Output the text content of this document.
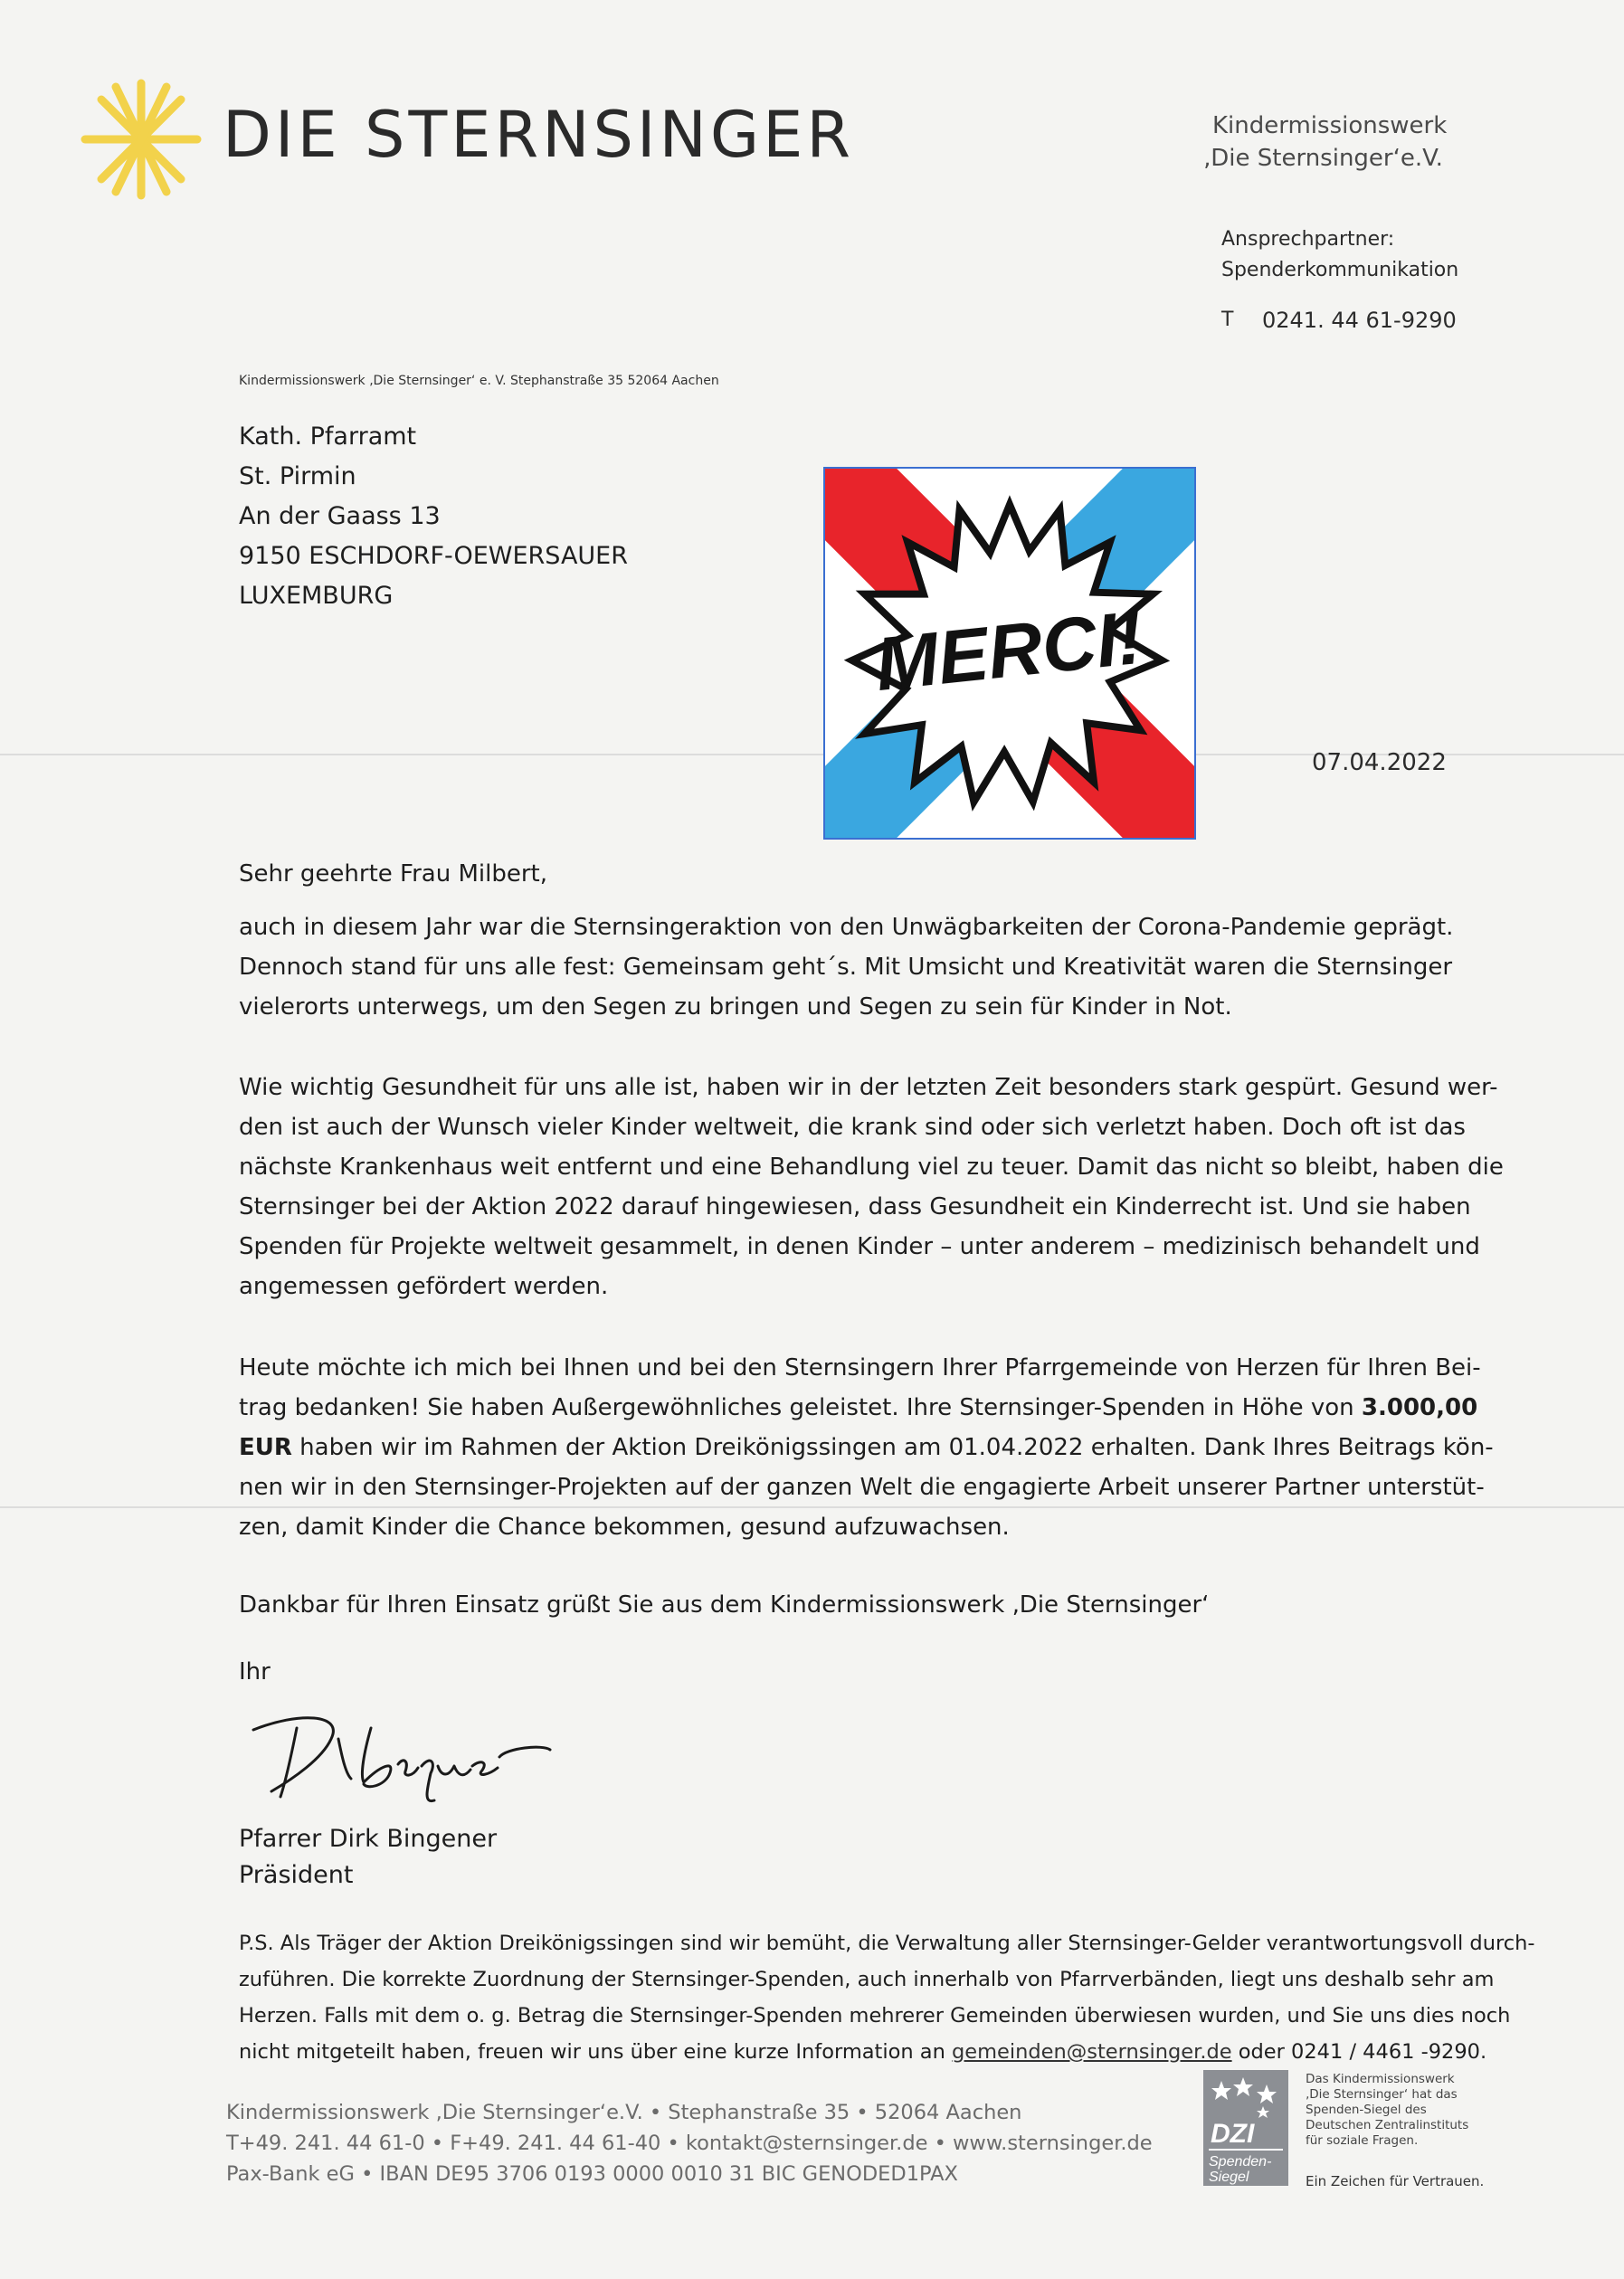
DIE STERNSINGER	Kindermissionswerk
‚Die Sternsinger‘e.V.
Ansprechpartner:
Spenderkommunikation
T 0241. 44 61-9290
Kindermissionswerk ‚Die Sternsinger‘ e. V. Stephanstraße 35 52064 Aachen
Kath. Pfarramt
St. Pirmin
An der Gaass 13
9150 ESCHDORF-OEWERSAUER
LUXEMBURG	MERCI!
07.04.2022
Sehr geehrte Frau Milbert,
auch in diesem Jahr war die Sternsingeraktion von den Unwägbarkeiten der Corona-Pandemie geprägt.
Dennoch stand für uns alle fest: Gemeinsam geht´s. Mit Umsicht und Kreativität waren die Sternsinger
vielerorts unterwegs, um den Segen zu bringen und Segen zu sein für Kinder in Not.
Wie wichtig Gesundheit für uns alle ist, haben wir in der letzten Zeit besonders stark gespürt. Gesund wer-
den ist auch der Wunsch vieler Kinder weltweit, die krank sind oder sich verletzt haben. Doch oft ist das
nächste Krankenhaus weit entfernt und eine Behandlung viel zu teuer. Damit das nicht so bleibt, haben die
Sternsinger bei der Aktion 2022 darauf hingewiesen, dass Gesundheit ein Kinderrecht ist. Und sie haben
Spenden für Projekte weltweit gesammelt, in denen Kinder – unter anderem – medizinisch behandelt und
angemessen gefördert werden.
Heute möchte ich mich bei Ihnen und bei den Sternsingern Ihrer Pfarrgemeinde von Herzen für Ihren Bei-
trag bedanken! Sie haben Außergewöhnliches geleistet. Ihre Sternsinger-Spenden in Höhe von 3.000,00
EUR haben wir im Rahmen der Aktion Dreikönigssingen am 01.04.2022 erhalten. Dank Ihres Beitrags kön-
nen wir in den Sternsinger-Projekten auf der ganzen Welt die engagierte Arbeit unserer Partner unterstüt-
zen, damit Kinder die Chance bekommen, gesund aufzuwachsen.
Dankbar für Ihren Einsatz grüßt Sie aus dem Kindermissionswerk ‚Die Sternsinger‘
Ihr
Pfarrer Dirk Bingener
Präsident
P.S. Als Träger der Aktion Dreikönigssingen sind wir bemüht, die Verwaltung aller Sternsinger-Gelder verantwortungsvoll durch-
zuführen. Die korrekte Zuordnung der Sternsinger-Spenden, auch innerhalb von Pfarrverbänden, liegt uns deshalb sehr am
Herzen. Falls mit dem o. g. Betrag die Sternsinger-Spenden mehrerer Gemeinden überwiesen wurden, und Sie uns dies noch
nicht mitgeteilt haben, freuen wir uns über eine kurze Information an gemeinden@sternsinger.de oder 0241 / 4461 -9290.
Kindermissionswerk ‚Die Sternsinger‘e.V. • Stephanstraße 35 • 52064 Aachen
T+49. 241. 44 61-0 • F+49. 241. 44 61-40 • kontakt@sternsinger.de • www.sternsinger.de
Pax-Bank eG • IBAN DE95 3706 0193 0000 0010 31 BIC GENODED1PAX
DZI
Spenden-
Siegel
Das Kindermissionswerk
‚Die Sternsinger‘ hat das
Spenden-Siegel des
Deutschen Zentralinstituts
für soziale Fragen.
Ein Zeichen für Vertrauen.
